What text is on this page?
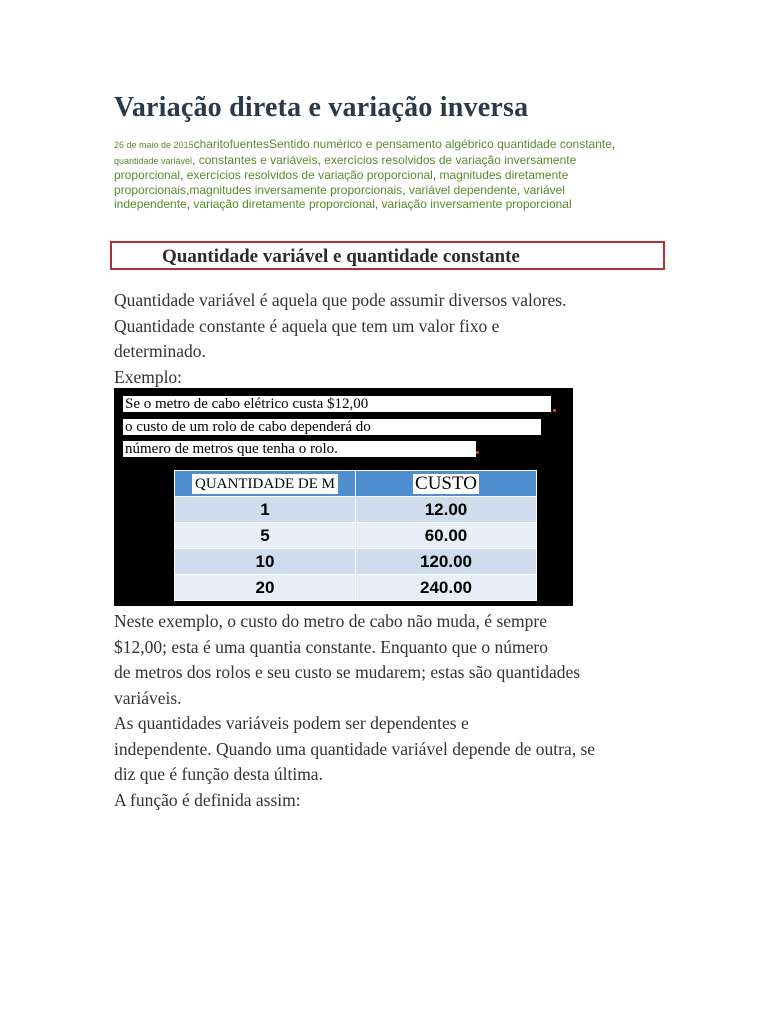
Variação direta e variação inversa
26 de maio de 2015charitofuentesSentido numérico e pensamento algébrico quantidade constante, quantidade variável, constantes e variáveis, exercícios resolvidos de variação inversamente proporcional, exercícios resolvidos de variação proporcional, magnitudes diretamente proporcionais,magnitudes inversamente proporcionais, variável dependente, variável independente, variação diretamente proporcional, variação inversamente proporcional
Quantidade variável e quantidade constante
Quantidade variável é aquela que pode assumir diversos valores.
Quantidade constante é aquela que tem um valor fixo e
determinado.
Exemplo:
Se o metro de cabo elétrico custa $12,00
o custo de um rolo de cabo dependerá do
número de metros que tenha o rolo.
QUANTIDADE DE M	CUSTO
1	12.00
5	60.00
10	120.00
20	240.00
Neste exemplo, o custo do metro de cabo não muda, é sempre
$12,00; esta é uma quantia constante. Enquanto que o número
de metros dos rolos e seu custo se mudarem; estas são quantidades
variáveis.
As quantidades variáveis podem ser dependentes e
independente. Quando uma quantidade variável depende de outra, se
diz que é função desta última.
A função é definida assim:
